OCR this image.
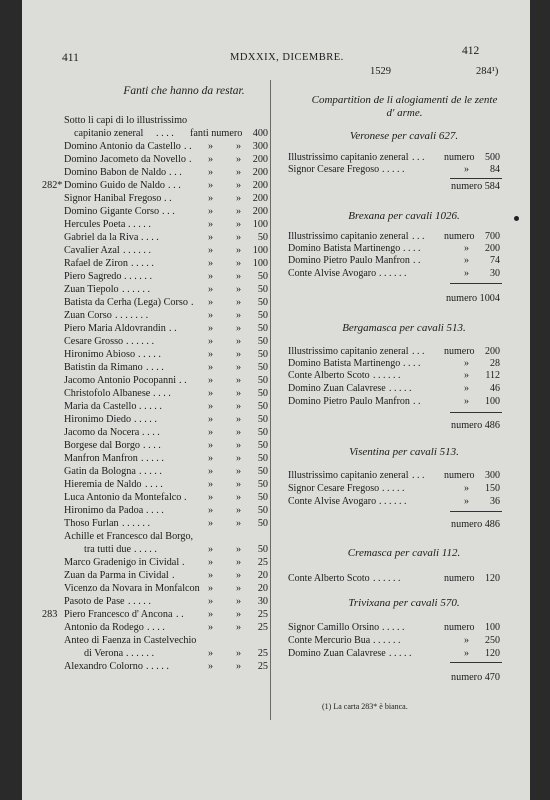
411	MDXXIX, DICEMBRE.
412
1529	284¹)
Fanti che hanno da restar.
Sotto li capi di lo illustrissimo
capitanio zeneral . . . . fanti numero 400
Domino Antonio da Castello . . » » 300
Domino Jacometo da Novello . » » 200
Domino Babon de Naldo . . .	» » 200
Domino Guido de Naldo . . .	» » 200
282*
Signor Hanibal Fregoso . .	» » 200
Domino Gigante Corso . . .	» » 200
Hercules Poeta . . . . .	» » 100
Gabriel da la Riva . . . .	» » 50
Cavalier Azal . . . . . .	» » 100
Rafael de Ziron . . . . .	» » 100
Piero Sagredo . . . . . .	» » 50
Zuan Tiepolo . . . . . .	» » 50
Batista da Cerha (Lega) Corso . » » 50
Zuan Corso . . . . . . .	» » 50
Piero Maria Aldovrandin . .	» » 50
Cesare Grosso . . . . . .	» » 50
Hironimo Abioso . . . . .	» » 50
Batistin da Rimano . . . .	» » 50
Jacomo Antonio Pocopanni . . » » 50
Christofolo Albanese . . . .	» » 50
Maria da Castello . . . . .	» » 50
Hironimo Diedo . . . . .	» » 50
Jacomo da Nocera . . . .	» » 50
Borgese dal Borgo . . . .	» » 50
Manfron Manfron . . . . .	» » 50
Gatin da Bologna . . . . .	» » 50
Hieremia de Naldo . . . .	» » 50
Luca Antonio da Montefalco . » » 50
Hironimo da Padoa . . . .	» » 50
Thoso Furlan . . . . . .	» » 50
Achille et Francesco dal Borgo,
tra tutti due . . . . .	» » 50
Marco Gradenigo in Cividal . » » 25
Zuan da Parma in Cividal .	» » 20
Vicenzo da Novara in Monfalcon » » 20
Pasoto de Pase . . . . .	» » 30
Piero Francesco d' Ancona . . » » 25
283
Antonio da Rodego . . . .	» » 25
Anteo di Faenza in Castelvechio
di Verona . . . . . .	» » 25
Alexandro Colorno . . . . .	» » 25
Compartition de li alogiamenti de le zente
d' arme.
Veronese per cavali 627.
Illustrissimo capitanio zeneral . . . numero 500
Signor Cesare Fregoso . . . . .	» 84
numero 584
Brexana per cavali 1026.
Illustrissimo capitanio zeneral . . . numero 700
Domino Batista Martinengo . . . .	» 200
Domino Pietro Paulo Manfron . .	» 74
Conte Alvise Avogaro . . . . . .	» 30
numero 1004
Bergamasca per cavali 513.
Illustrissimo capitanio zeneral . . . numero 200
Domino Batista Martinengo . . . .	» 28
Conte Alberto Scoto . . . . . .	» 112
Domino Zuan Calavrese . . . . .	» 46
Domino Pietro Paulo Manfron . .	» 100
numero 486
Visentina per cavali 513.
Illustrissimo capitanio zeneral . . . numero 300
Signor Cesare Fregoso . . . . .	» 150
Conte Alvise Avogaro . . . . . .	» 36
numero 486
Cremasca per cavali 112.
Conte Alberto Scoto . . . . . .	numero 120
Trivixana per cavali 570.
Signor Camillo Orsino . . . . .	numero 100
Conte Mercurio Bua . . . . . .	» 250
Domino Zuan Calavrese . . . . .	» 120
numero 470
(1) La carta 283* è bianca.
